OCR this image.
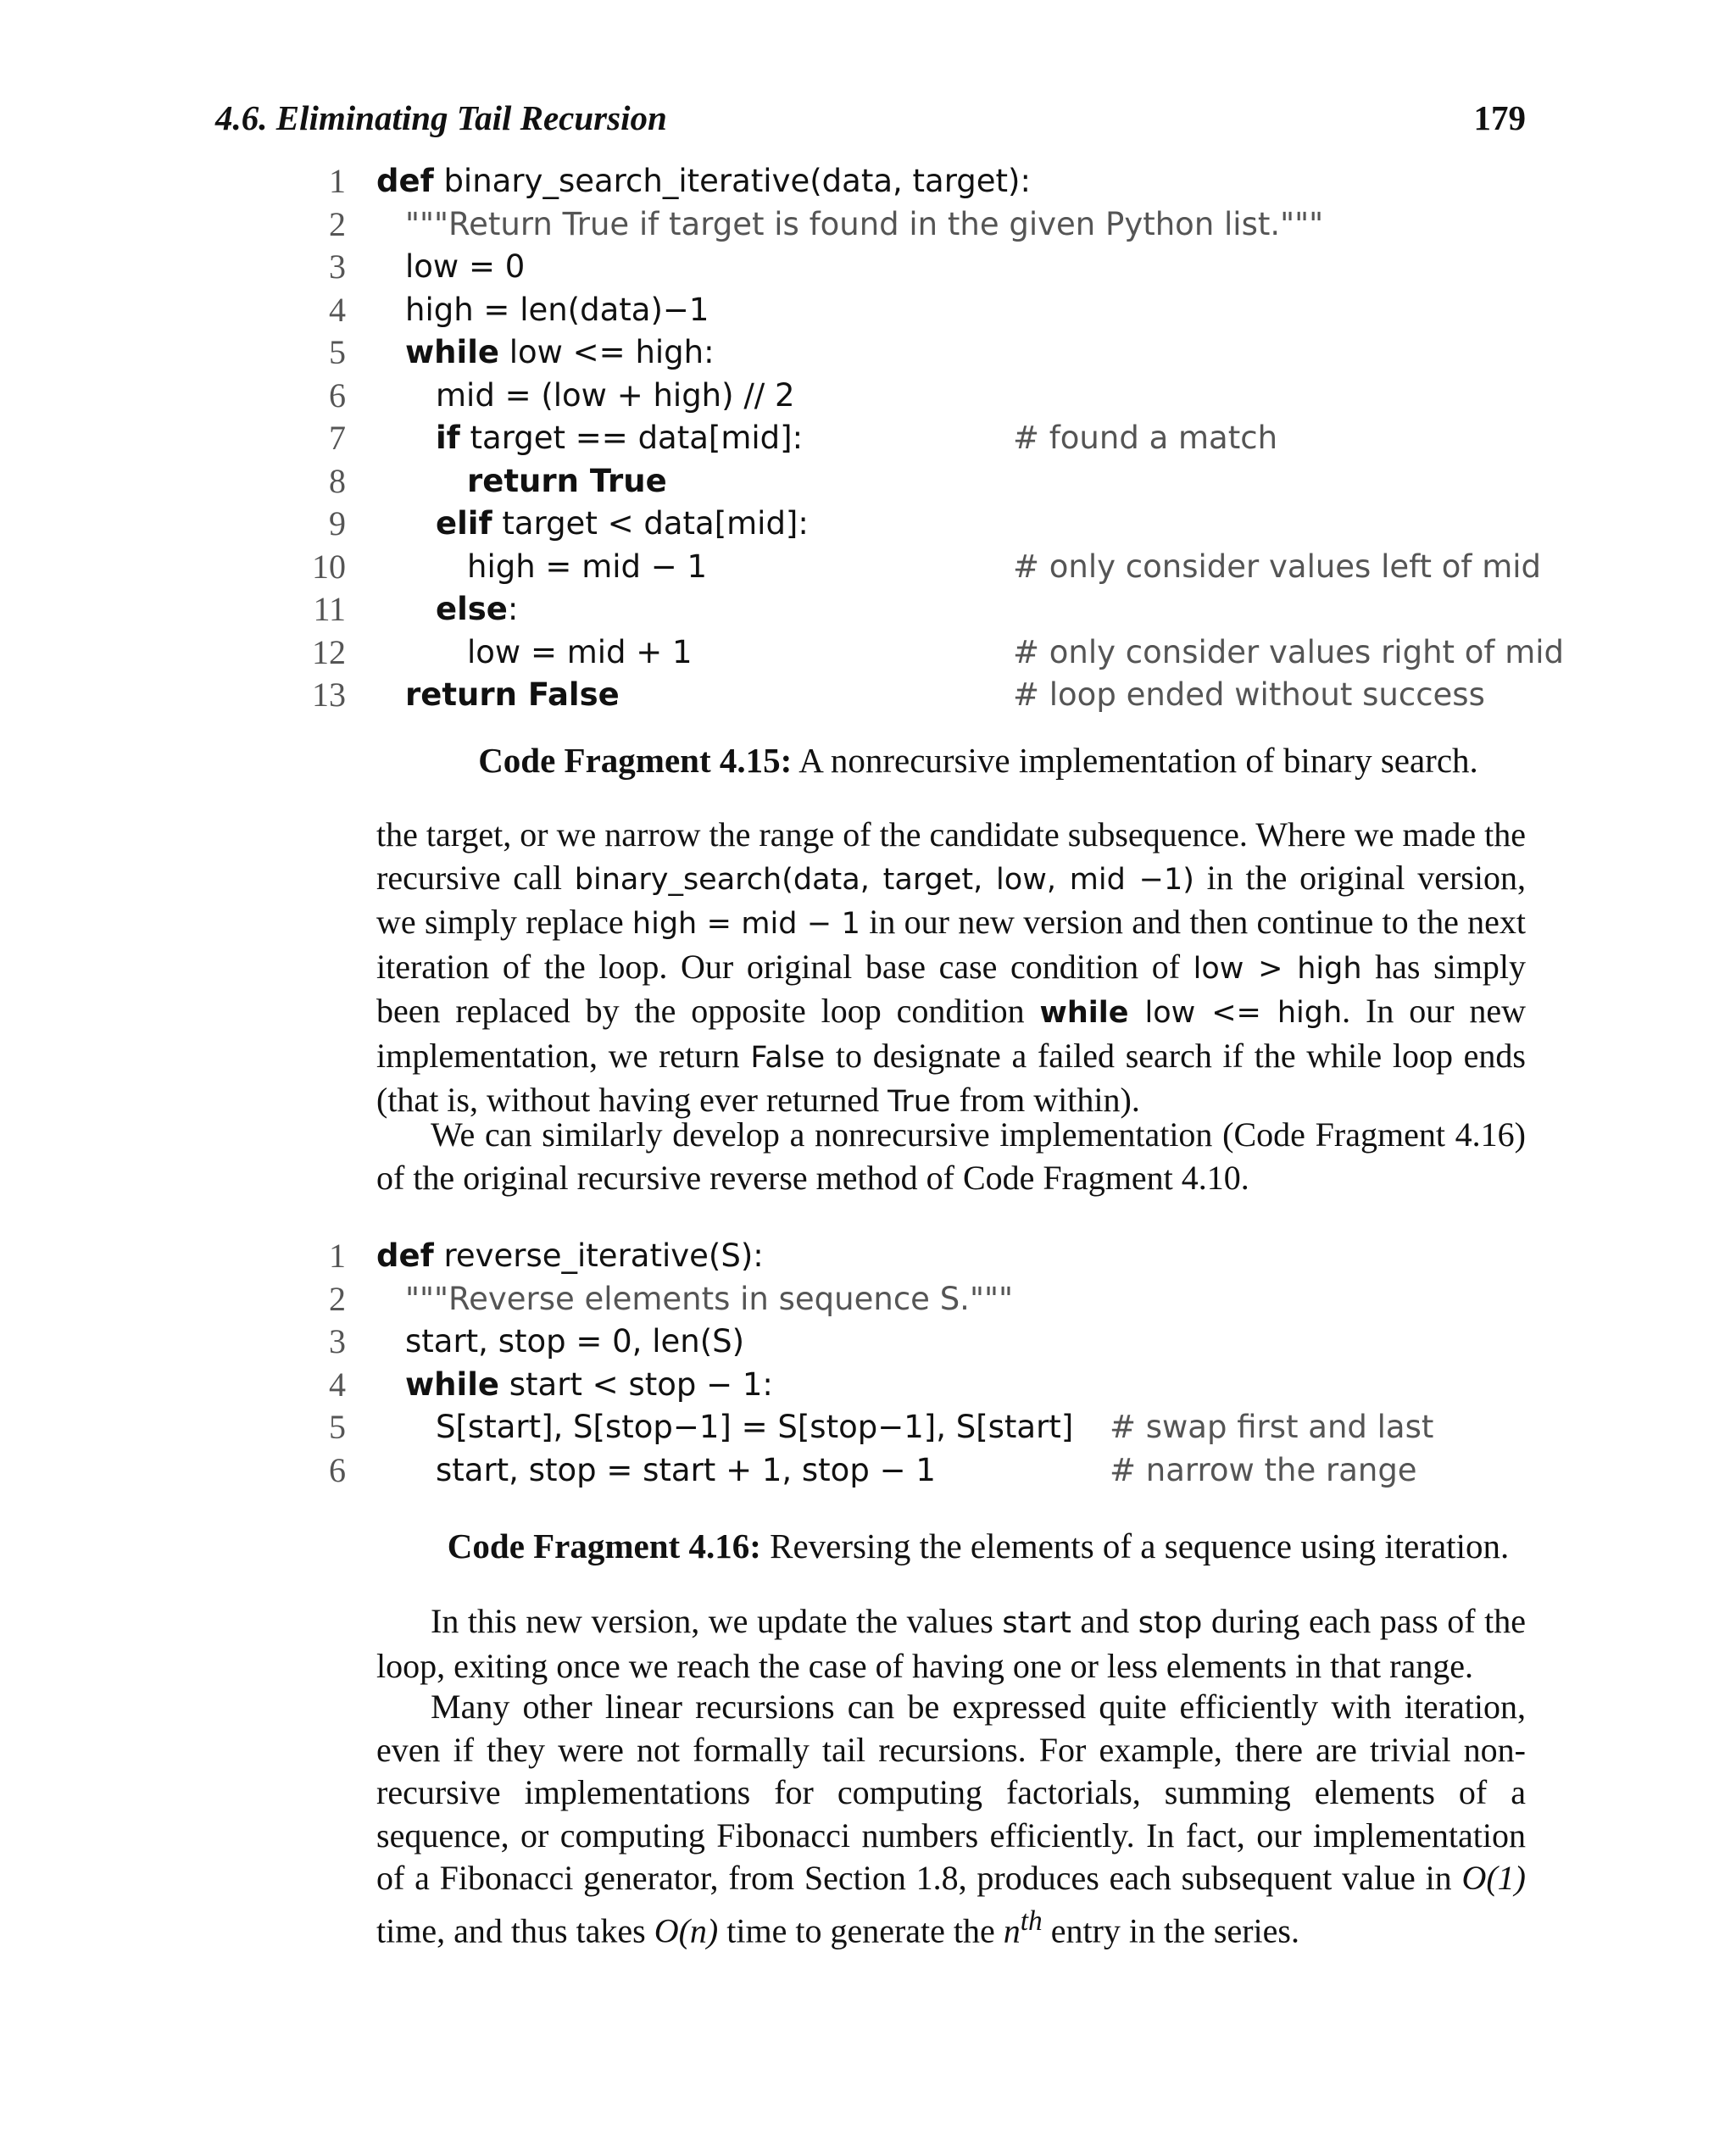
4.6. Eliminating Tail Recursion	179
1 def binary_search_iterative(data, target):
2 """Return True if target is found in the given Python list."""
3 low = 0
4 high = len(data)−1
5 while low <= high:
6	mid = (low + high) // 2
7	if target == data[mid]:	# found a match
8	return True
9	elif target < data[mid]:
10	high = mid − 1	# only consider values left of mid
11	else:
12	low = mid + 1	# only consider values right of mid
13 return False	# loop ended without success
Code Fragment 4.15: A nonrecursive implementation of binary search.

the target, or we narrow the range of the candidate subsequence. Where we made the recursive call binary_search(data, target, low, mid −1) in the original version, we simply replace high = mid − 1 in our new version and then continue to the next iteration of the loop. Our original base case condition of low > high has simply been replaced by the opposite loop condition while low <= high. In our new implementation, we return False to designate a failed search if the while loop ends (that is, without having ever returned True from within).

We can similarly develop a nonrecursive implementation (Code Fragment 4.16) of the original recursive reverse method of Code Fragment 4.10.

1 def reverse_iterative(S):
2 """Reverse elements in sequence S."""
3 start, stop = 0, len(S)
4 while start < stop − 1:
5	S[start], S[stop−1] = S[stop−1], S[start] # swap first and last
6	start, stop = start + 1, stop − 1	# narrow the range
Code Fragment 4.16: Reversing the elements of a sequence using iteration.

In this new version, we update the values start and stop during each pass of the loop, exiting once we reach the case of having one or less elements in that range.

Many other linear recursions can be expressed quite efficiently with iteration, even if they were not formally tail recursions. For example, there are trivial non-recursive implementations for computing factorials, summing elements of a sequence, or computing Fibonacci numbers efficiently. In fact, our implementation of a Fibonacci generator, from Section 1.8, produces each subsequent value in O(1) time, and thus takes O(n) time to generate the $n^{th}$ entry in the series.
